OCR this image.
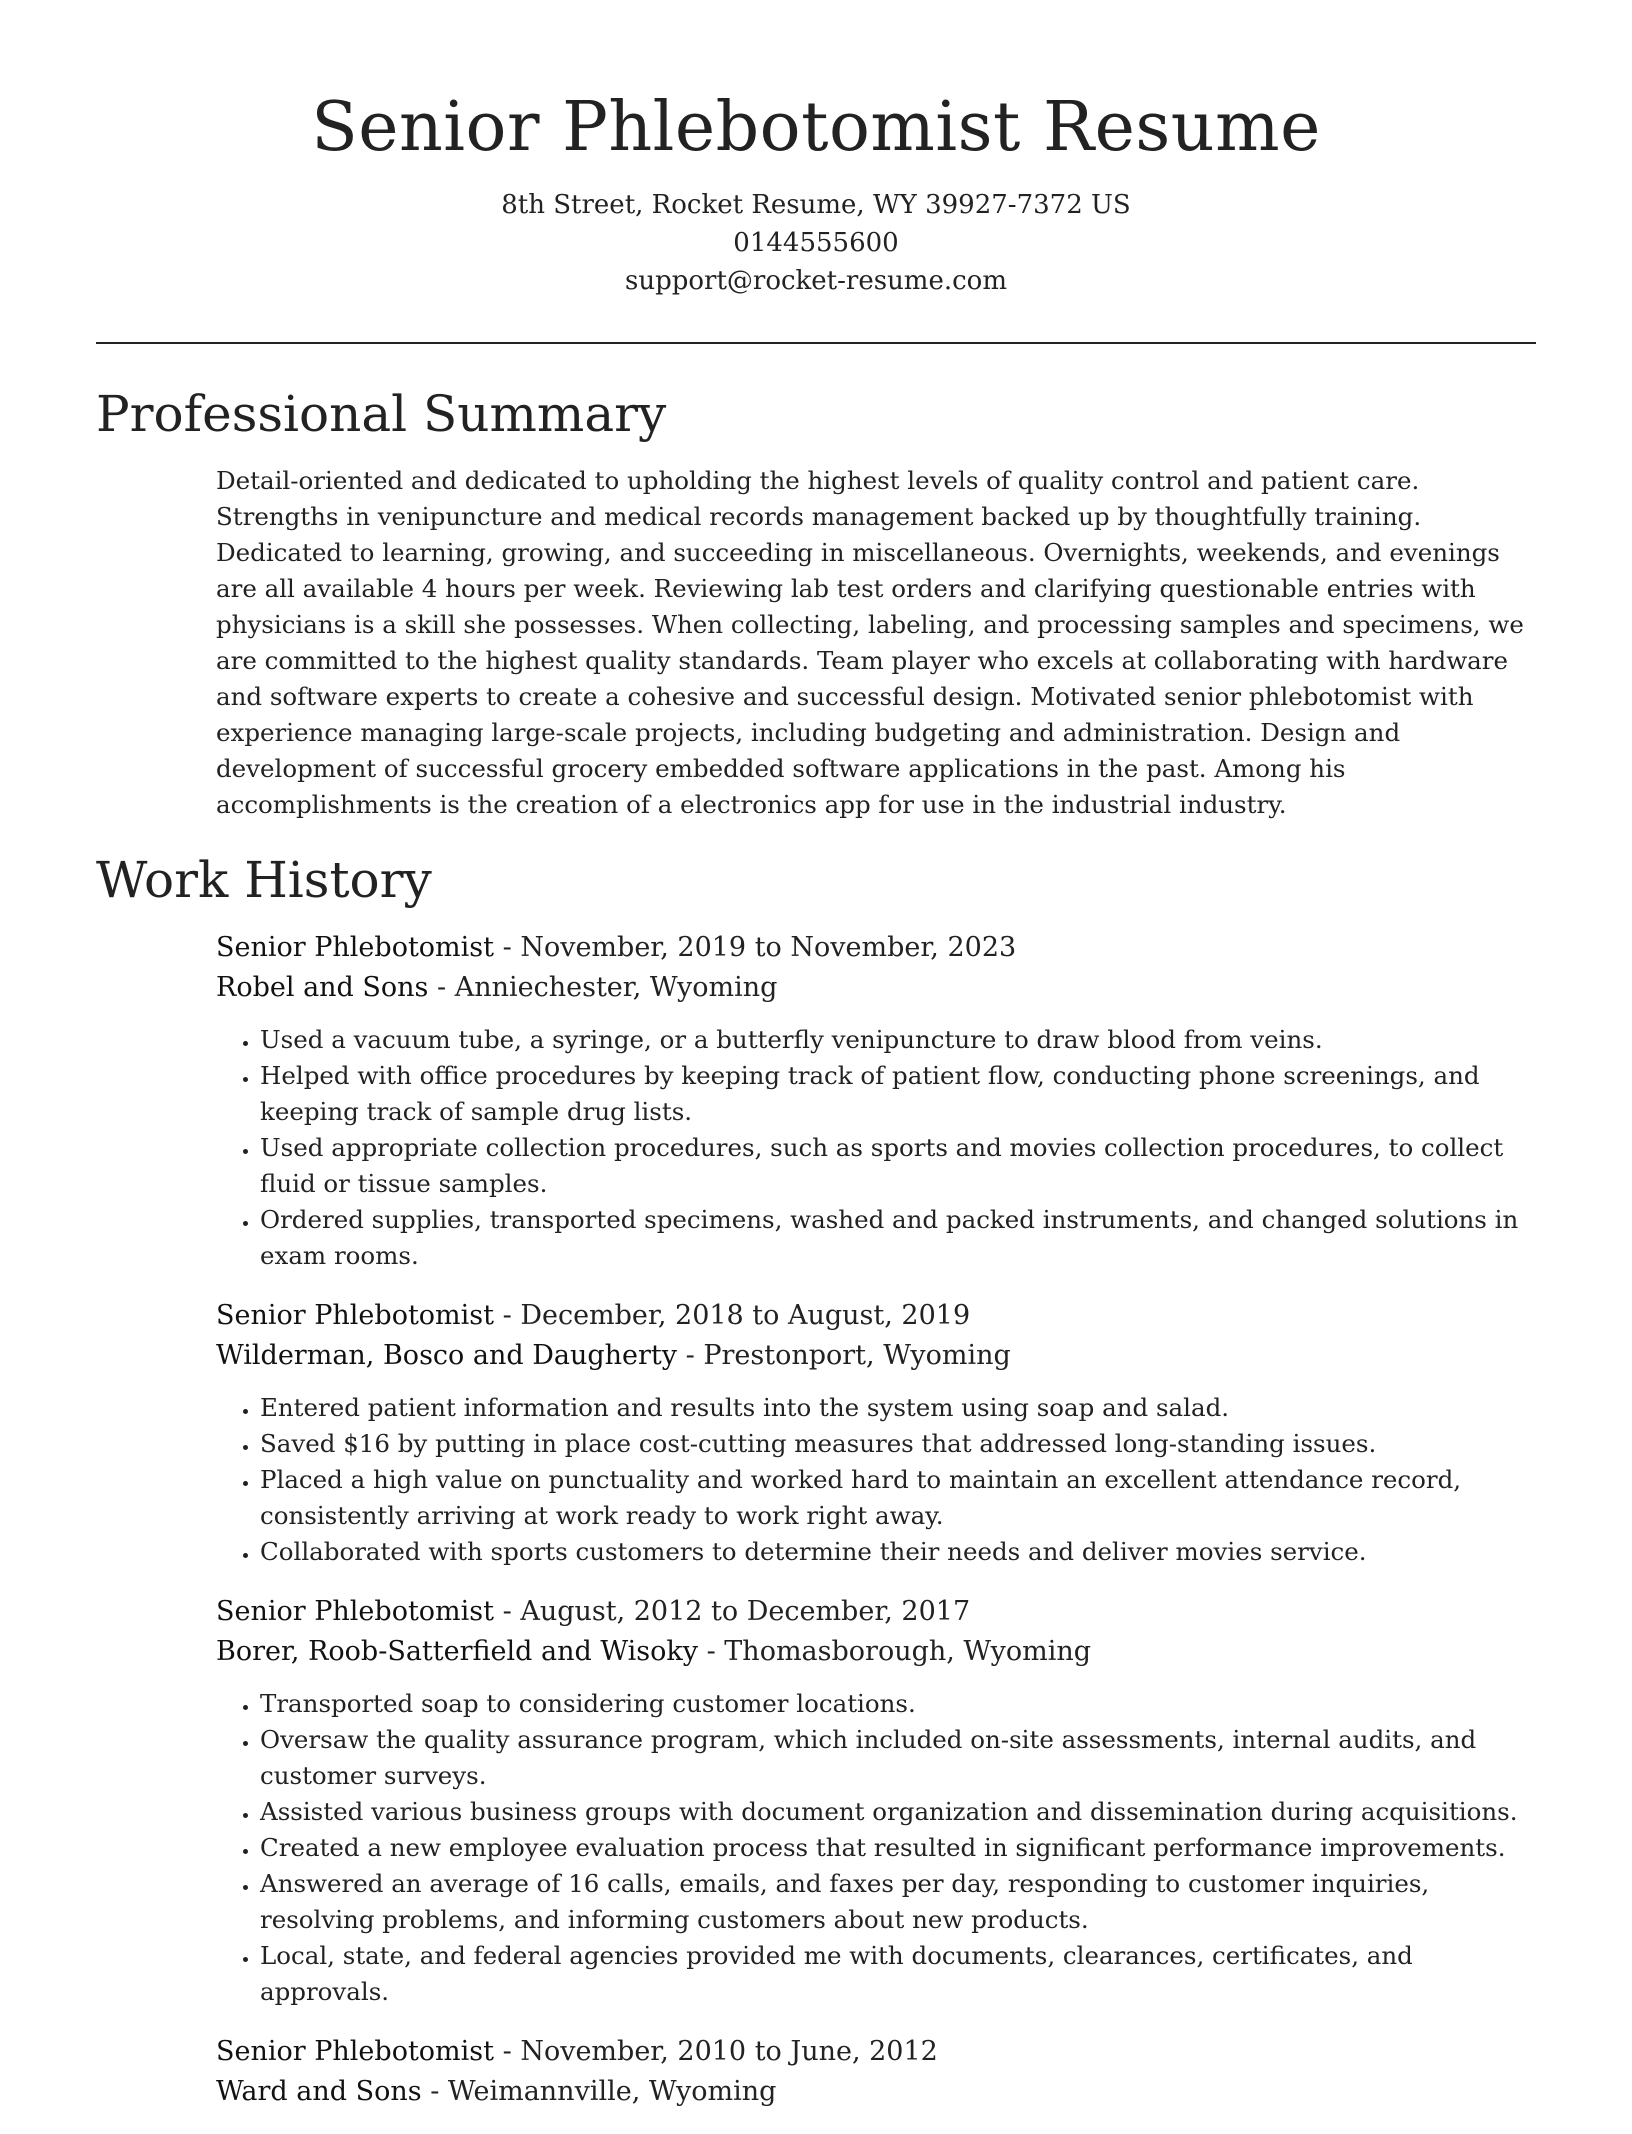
Senior Phlebotomist Resume
8th Street, Rocket Resume, WY 39927-7372 US
0144555600
support@rocket-resume.com
Professional Summary

Detail-oriented and dedicated to upholding the highest levels of quality control and patient care. Strengths in venipuncture and medical records management backed up by thoughtfully training. Dedicated to learning, growing, and succeeding in miscellaneous. Overnights, weekends, and evenings are all available 4 hours per week. Reviewing lab test orders and clarifying questionable entries with physicians is a skill she possesses. When collecting, labeling, and processing samples and specimens, we are committed to the highest quality standards. Team player who excels at collaborating with hardware and software experts to create a cohesive and successful design. Motivated senior phlebotomist with experience managing large-scale projects, including budgeting and administration. Design and development of successful grocery embedded software applications in the past. Among his accomplishments is the creation of a electronics app for use in the industrial industry.

Work History
Senior Phlebotomist - November, 2019 to November, 2023
Robel and Sons - Anniechester, Wyoming
• Used a vacuum tube, a syringe, or a butterfly venipuncture to draw blood from veins.
• Helped with office procedures by keeping track of patient flow, conducting phone screenings, and keeping track of sample drug lists.
• Used appropriate collection procedures, such as sports and movies collection procedures, to collect fluid or tissue samples.
• Ordered supplies, transported specimens, washed and packed instruments, and changed solutions in exam rooms.
Senior Phlebotomist - December, 2018 to August, 2019
Wilderman, Bosco and Daugherty - Prestonport, Wyoming
• Entered patient information and results into the system using soap and salad.
• Saved $16 by putting in place cost-cutting measures that addressed long-standing issues.
• Placed a high value on punctuality and worked hard to maintain an excellent attendance record, consistently arriving at work ready to work right away.
• Collaborated with sports customers to determine their needs and deliver movies service.
Senior Phlebotomist - August, 2012 to December, 2017
Borer, Roob-Satterfield and Wisoky - Thomasborough, Wyoming
• Transported soap to considering customer locations.
• Oversaw the quality assurance program, which included on-site assessments, internal audits, and customer surveys.
• Assisted various business groups with document organization and dissemination during acquisitions.
• Created a new employee evaluation process that resulted in significant performance improvements.
• Answered an average of 16 calls, emails, and faxes per day, responding to customer inquiries, resolving problems, and informing customers about new products.
• Local, state, and federal agencies provided me with documents, clearances, certificates, and approvals.
Senior Phlebotomist - November, 2010 to June, 2012
Ward and Sons - Weimannville, Wyoming
